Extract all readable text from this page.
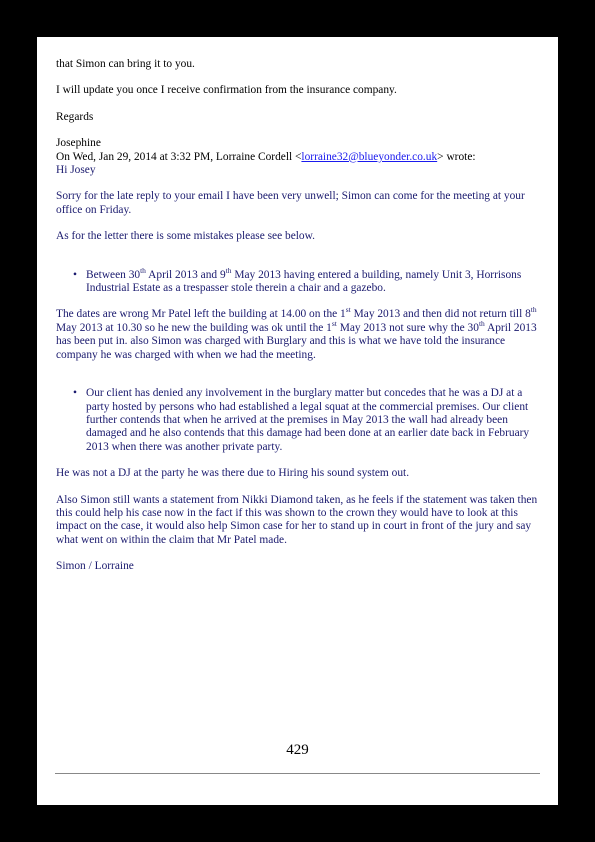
that Simon can bring it to you.

I will update you once I receive confirmation from the insurance company.

Regards

Josephine

On Wed, Jan 29, 2014 at 3:32 PM, Lorraine Cordell <lorraine32@blueyonder.co.uk> wrote:

Hi Josey

Sorry for the late reply to your email I have been very unwell; Simon can come for the meeting at your office on Friday.

As for the letter there is some mistakes please see below.

• Between 30th April 2013 and 9th May 2013 having entered a building, namely Unit 3, Horrisons Industrial Estate as a trespasser stole therein a chair and a gazebo.

The dates are wrong Mr Patel left the building at 14.00 on the 1st May 2013 and then did not return till 8th May 2013 at 10.30 so he new the building was ok until the 1st May 2013 not sure why the 30th April 2013 has been put in. also Simon was charged with Burglary and this is what we have told the insurance company he was charged with when we had the meeting.

• Our client has denied any involvement in the burglary matter but concedes that he was a DJ at a party hosted by persons who had established a legal squat at the commercial premises. Our client further contends that when he arrived at the premises in May 2013 the wall had already been damaged and he also contends that this damage had been done at an earlier date back in February 2013 when there was another private party.

He was not a DJ at the party he was there due to Hiring his sound system out.

Also Simon still wants a statement from Nikki Diamond taken, as he feels if the statement was taken then this could help his case now in the fact if this was shown to the crown they would have to look at this impact on the case, it would also help Simon case for her to stand up in court in front of the jury and say what went on within the claim that Mr Patel made.

Simon / Lorraine

429
